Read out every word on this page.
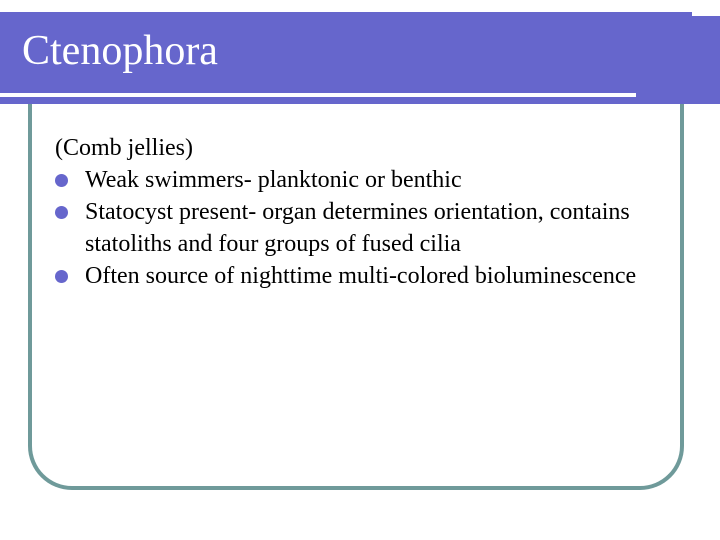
Ctenophora

(Comb jellies)

Weak swimmers- planktonic or benthic
Statocyst present- organ determines orientation, contains statoliths and four groups of fused cilia
Often source of nighttime multi-colored bioluminescence
